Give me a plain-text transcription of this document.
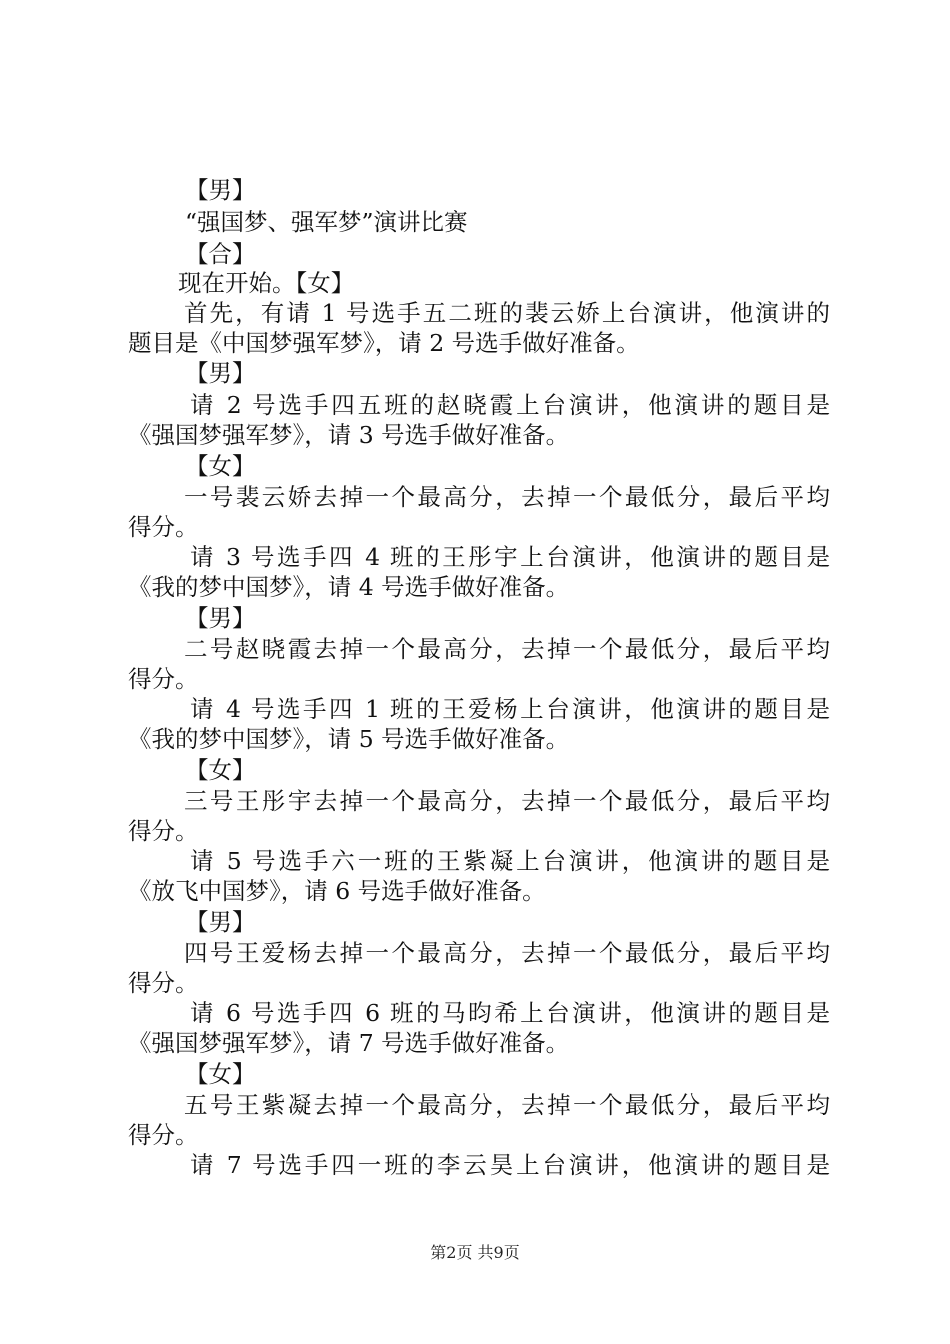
【男】

“强国梦、强军梦”演讲比赛

【合】

现在开始。【女】

首先，有请 1 号选手五二班的裴云娇上台演讲，他演讲的

题目是《中国梦强军梦》，请 2 号选手做好准备。

【男】

请 2 号选手四五班的赵晓霞上台演讲，他演讲的题目是

《强国梦强军梦》，请 3 号选手做好准备。

【女】

一号裴云娇去掉一个最高分，去掉一个最低分，最后平均

得分。

请 3 号选手四 4 班的王彤宇上台演讲，他演讲的题目是

《我的梦中国梦》，请 4 号选手做好准备。

【男】

二号赵晓霞去掉一个最高分，去掉一个最低分，最后平均

得分。

请 4 号选手四 1 班的王爱杨上台演讲，他演讲的题目是

《我的梦中国梦》，请 5 号选手做好准备。

【女】

三号王彤宇去掉一个最高分，去掉一个最低分，最后平均

得分。

请 5 号选手六一班的王紫凝上台演讲，他演讲的题目是

《放飞中国梦》，请 6 号选手做好准备。

【男】

四号王爱杨去掉一个最高分，去掉一个最低分，最后平均

得分。

请 6 号选手四 6 班的马昀希上台演讲，他演讲的题目是

《强国梦强军梦》，请 7 号选手做好准备。

【女】

五号王紫凝去掉一个最高分，去掉一个最低分，最后平均

得分。

请 7 号选手四一班的李云昊上台演讲，他演讲的题目是

第2页 共9页
